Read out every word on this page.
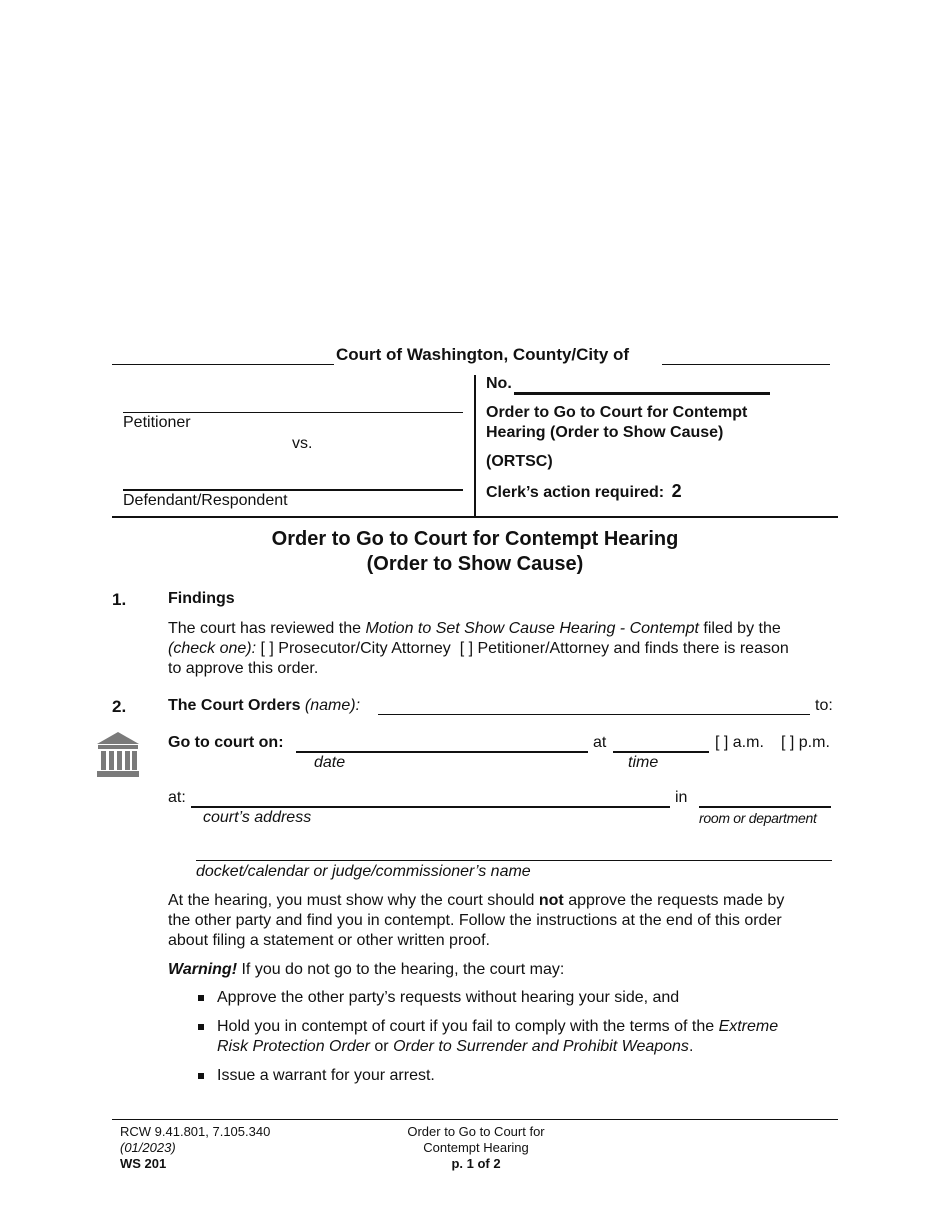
Court of Washington, County/City of
Petitioner
vs.
Defendant/Respondent
No.
Order to Go to Court for Contempt
Hearing (Order to Show Cause)
(ORTSC)
Clerk’s action required: 2
Order to Go to Court for Contempt Hearing
(Order to Show Cause)
1.	Findings
The court has reviewed the Motion to Set Show Cause Hearing - Contempt filed by the
(check one): [ ] Prosecutor/City Attorney [ ] Petitioner/Attorney and finds there is reason
to approve this order.
2.	The Court Orders (name):	to:
Go to court on:	at	[ ] a.m. [ ] p.m.
date	time
at:	in
court’s address	room or department
docket/calendar or judge/commissioner’s name
At the hearing, you must show why the court should not approve the requests made by
the other party and find you in contempt. Follow the instructions at the end of this order
about filing a statement or other written proof.
Warning! If you do not go to the hearing, the court may:
Approve the other party’s requests without hearing your side, and
Hold you in contempt of court if you fail to comply with the terms of the Extreme
Risk Protection Order or Order to Surrender and Prohibit Weapons.
Issue a warrant for your arrest.
RCW 9.41.801, 7.105.340
(01/2023)
WS 201
Order to Go to Court for
Contempt Hearing
p. 1 of 2
